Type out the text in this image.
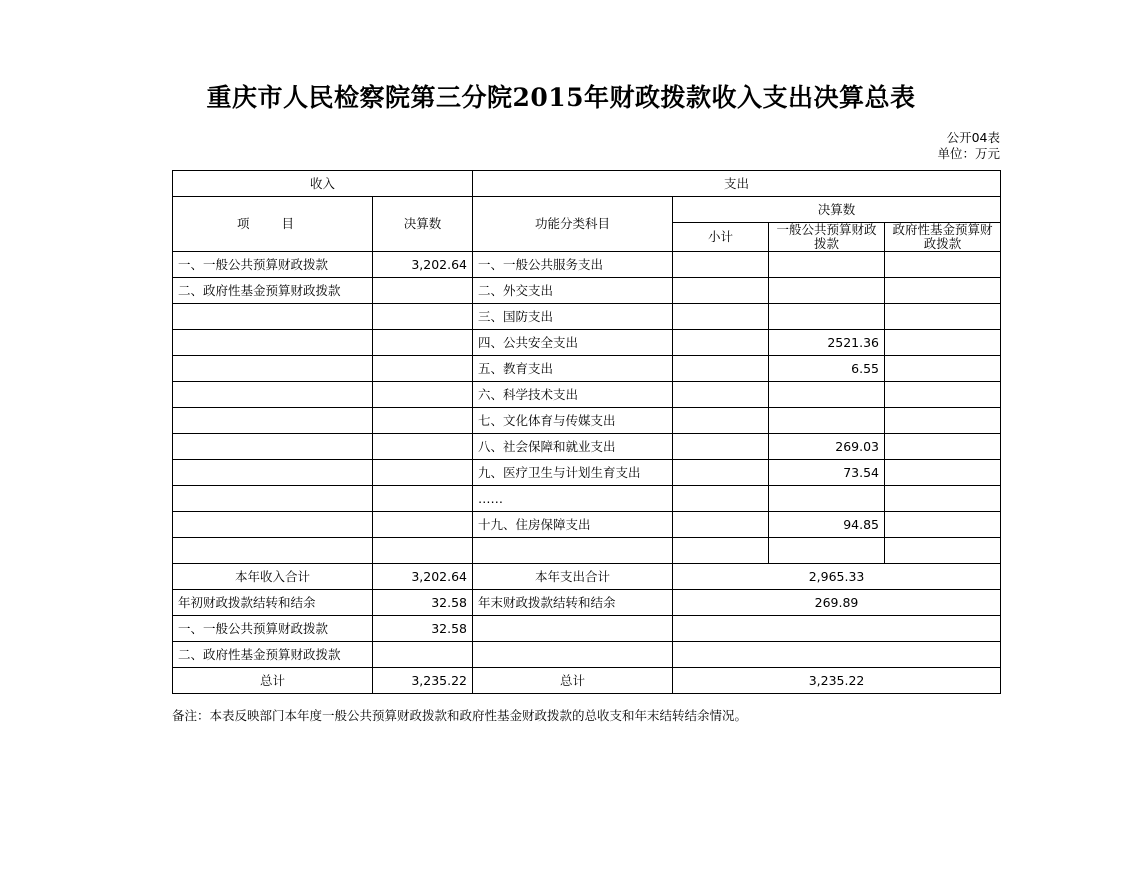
重庆市人民检察院第三分院2015年财政拨款收入支出决算总表
公开04表
单位：万元
收入		支出			
项 目	决算数	功能分类科目	决算数		
			小计	一般公共预算财政拨款	政府性基金预算财政拨款
一、一般公共预算财政拨款	3,202.64	一、一般公共服务支出			
二、政府性基金预算财政拨款		二、外交支出			
		三、国防支出			
		四、公共安全支出		2521.36	
		五、教育支出		6.55	
		六、科学技术支出			
		七、文化体育与传媒支出			
		八、社会保障和就业支出		269.03	
		九、医疗卫生与计划生育支出		73.54	
		……			
		十九、住房保障支出		94.85	

本年收入合计	3,202.64	本年支出合计	2,965.33		
年初财政拨款结转和结余	32.58	年末财政拨款结转和结余	269.89		
一、一般公共预算财政拨款	32.58				
二、政府性基金预算财政拨款					
总计	3,235.22	总计	3,235.22		
备注：本表反映部门本年度一般公共预算财政拨款和政府性基金财政拨款的总收支和年末结转结余情况。
